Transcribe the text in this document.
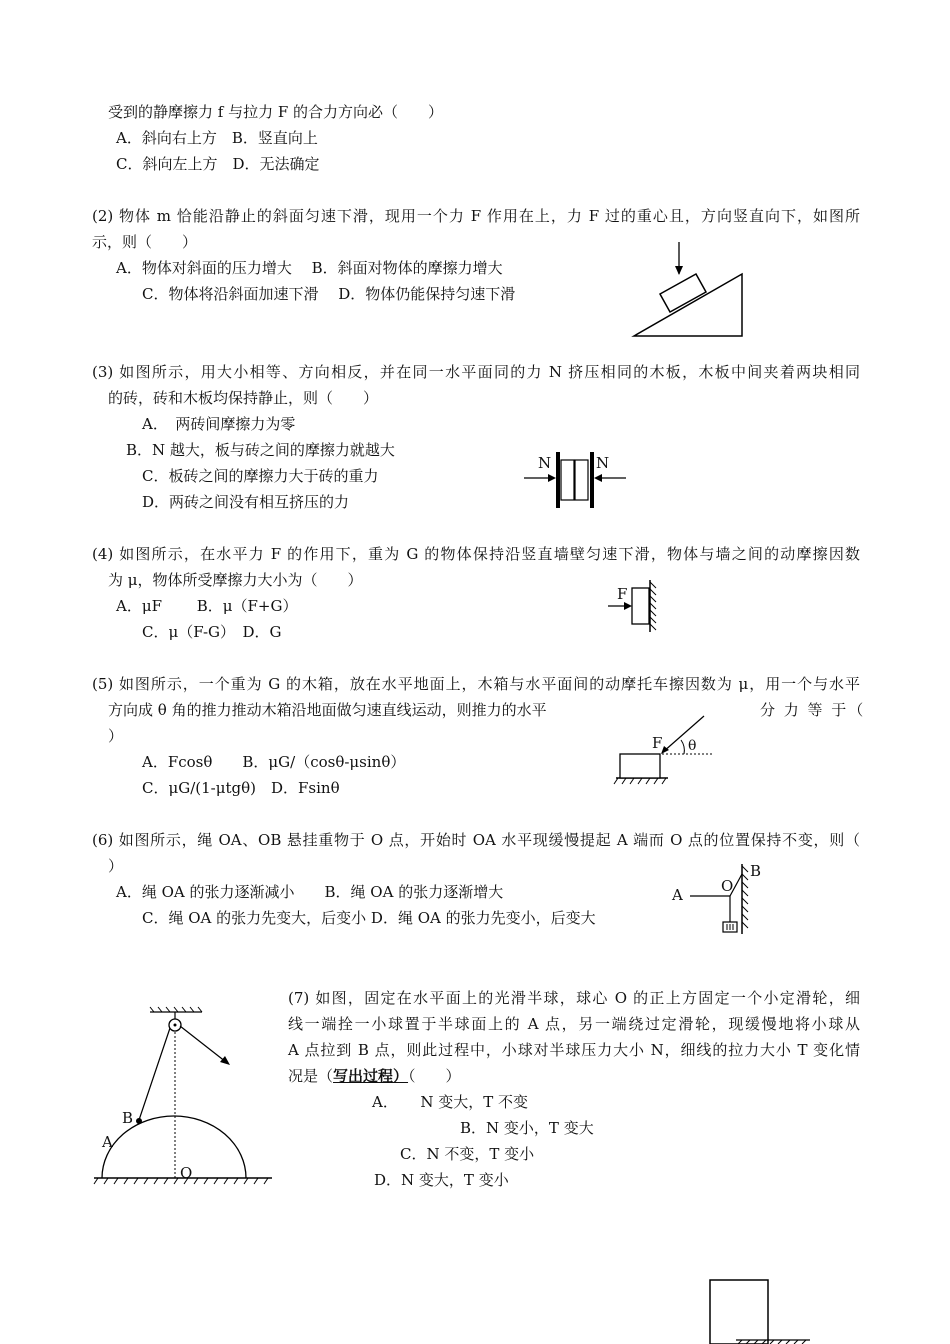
受到的静摩擦力 f 与拉力 F 的合力方向必（　　）
A．斜向右上方　B．竖直向上
C．斜向左上方　D．无法确定
(2) 物体 m 恰能沿静止的斜面匀速下滑，现用一个力 F 作用在上，力 F 过的重心且，方向竖直向下，如图所
示，则（　　）
A．物体对斜面的压力增大　 B．斜面对物体的摩擦力增大
C．物体将沿斜面加速下滑　 D．物体仍能保持匀速下滑
(3) 如图所示，用大小相等、方向相反，并在同一水平面同的力 N 挤压相同的木板，木板中间夹着两块相同
的砖，砖和木板均保持静止，则（　　）
A．　两砖间摩擦力为零
B．N 越大，板与砖之间的摩擦力就越大
C．板砖之间的摩擦力大于砖的重力
D．两砖之间没有相互挤压的力
N	N
(4) 如图所示，在水平力 F 的作用下，重为 G 的物体保持沿竖直墙壁匀速下滑，物体与墙之间的动摩擦因数
为 μ，物体所受摩擦力大小为（　　）
A．μF　　 B．μ（F+G）
C．μ（F-G）　D．G
F
(5) 如图所示，一个重为 G 的木箱，放在水平地面上，木箱与水平面间的动摩托车擦因数为 μ，用一个与水平
方向成 θ 角的推力推动木箱沿地面做匀速直线运动，则推力的水平	分 力 等 于（
）
A．Fcosθ　　B．μG/（cosθ-μsinθ）
C．μG/(1-μtgθ)　D．Fsinθ
F θ
(6) 如图所示，绳 OA、OB 悬挂重物于 O 点，开始时 OA 水平现缓慢提起 A 端而 O 点的位置保持不变，则（
）
A．绳 OA 的张力逐渐减小　　B．绳 OA 的张力逐渐增大
C．绳 OA 的张力先变大，后变小 D．绳 OA 的张力先变小，后变大
A	O
B
(7) 如图，固定在水平面上的光滑半球，球心 O 的正上方固定一个小定滑轮，细
线一端拴一小球置于半球面上的 A 点，另一端绕过定滑轮，现缓慢地将小球从
A 点拉到 B 点，则此过程中，小球对半球压力大小 N，细线的拉力大小 T 变化情
况是（写出过程）（　　）
A．　　N 变大，T 不变
B．N 变小，T 变大
C．N 不变，T 变小
D．N 变大，T 变小
B
A
O
